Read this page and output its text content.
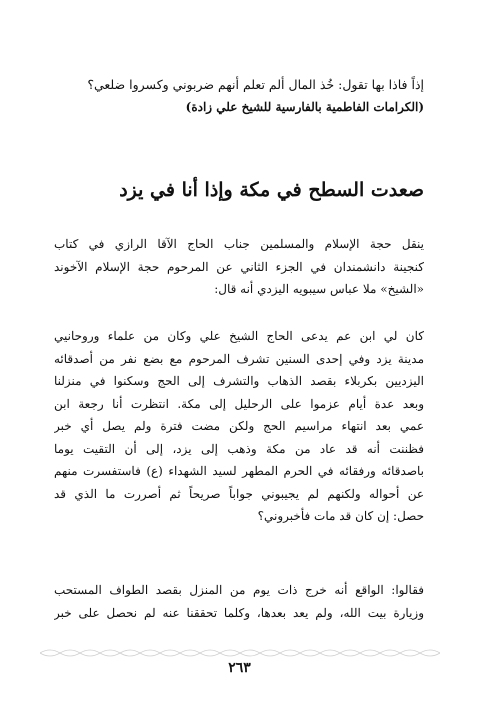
إذاً فاذا بها تقول: خُذ المال ألم تعلم أنهم ضربوني وكسروا ضلعي؟
(الكرامات الفاطمية بالفارسية للشيخ علي زادة)
صعدت السطح في مكة وإذا أنا في يزد
ينقل حجة الإسلام والمسلمين جناب الحاج الآقا الرازي في كتاب
كنجينة دانشمندان في الجزء الثاني عن المرحوم حجة الإسلام الآخوند
«الشيخ» ملا عباس سيبويه اليزدي أنه قال:
كان لي ابن عم يدعى الحاج الشيخ علي وكان من علماء وروحانيي
مدينة يزد وفي إحدى السنين تشرف المرحوم مع بضع نفر من أصدقائه
اليزديين بكربلاء بقصد الذهاب والتشرف إلى الحج وسكنوا في منزلنا
وبعد عدة أيام عزموا على الرحليل إلى مكة. انتظرت أنا رجعة ابن
عمي بعد انتهاء مراسيم الحج ولكن مضت فترة ولم يصل أي خبر
فظننت أنه قد عاد من مكة وذهب إلى يزد، إلى أن التقيت يوما
باصدقائه ورفقائه في الحرم المطهر لسيد الشهداء (ع) فاستفسرت منهم
عن أحواله ولكنهم لم يجيبوني جواباً صريحاً ثم أصررت ما الذي قد
حصل: إن كان قد مات فأخبروني؟
فقالوا: الواقع أنه خرج ذات يوم من المنزل بقصد الطواف المستحب
وزيارة بيت الله، ولم يعد بعدها، وكلما تحققنا عنه لم نحصل على خبر
٢٦٣
